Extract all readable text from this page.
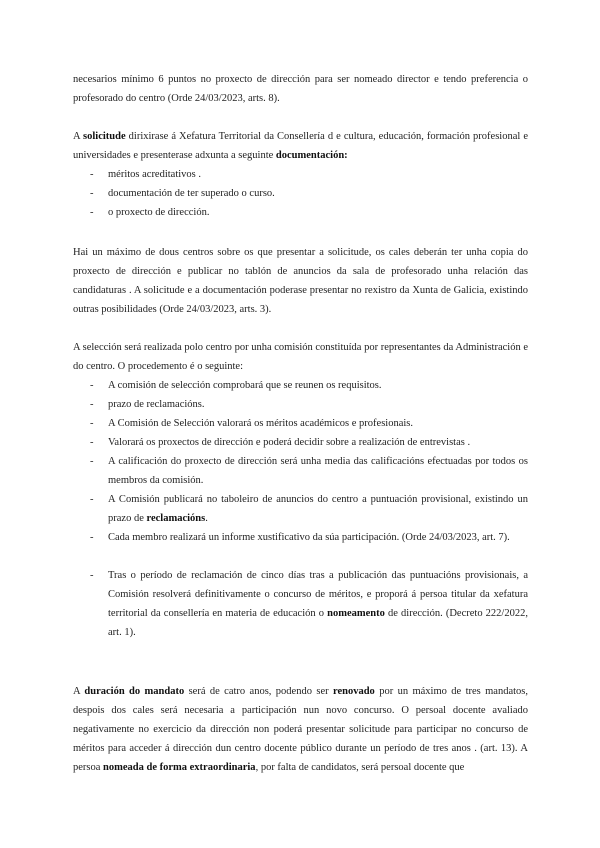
necesarios mínimo 6 puntos no proxecto de dirección para ser nomeado director e tendo preferencia o profesorado do centro (Orde 24/03/2023, arts. 8).

A solicitude dirixirase á Xefatura Territorial da Consellería d e cultura, educación, formación profesional e universidades e presenterase adxunta a seguinte documentación:

- méritos acreditativos .
- documentación de ter superado o curso.
- o proxecto de dirección.

Hai un máximo de dous centros sobre os que presentar a solicitude, os cales deberán ter unha copia do proxecto de dirección e publicar no tablón de anuncios da sala de profesorado unha relación das candidaturas . A solicitude e a documentación poderase presentar no rexistro da Xunta de Galicia, existindo outras posibilidades (Orde 24/03/2023, arts. 3).

A selección será realizada polo centro por unha comisión constituída por representantes da Administración e do centro. O procedemento é o seguinte:

- A comisión de selección comprobará que se reunen os requisitos.
- prazo de reclamacións.
- A Comisión de Selección valorará os méritos académicos e profesionais.
- Valorará os proxectos de dirección e poderá decidir sobre a realización de entrevistas .
- A calificación do proxecto de dirección será unha media das calificacións efectuadas por todos os membros da comisión.
- A Comisión publicará no taboleiro de anuncios do centro a puntuación provisional, existindo un prazo de reclamacións.
- Cada membro realizará un informe xustificativo da súa participación. (Orde 24/03/2023, art. 7).
- Tras o período de reclamación de cinco días tras a publicación das puntuacións provisionais, a Comisión resolverá definitivamente o concurso de méritos, e proporá á persoa titular da xefatura territorial da consellería en materia de educación o nomeamento de dirección. (Decreto 222/2022, art. 1).

A duración do mandato será de catro anos, podendo ser renovado por un máximo de tres mandatos, despois dos cales será necesaria a participación nun novo concurso. O persoal docente avaliado negativamente no exercicio da dirección non poderá presentar solicitude para participar no concurso de méritos para acceder á dirección dun centro docente público durante un período de tres anos . (art. 13). A persoa nomeada de forma extraordinaria, por falta de candidatos, será persoal docente que
